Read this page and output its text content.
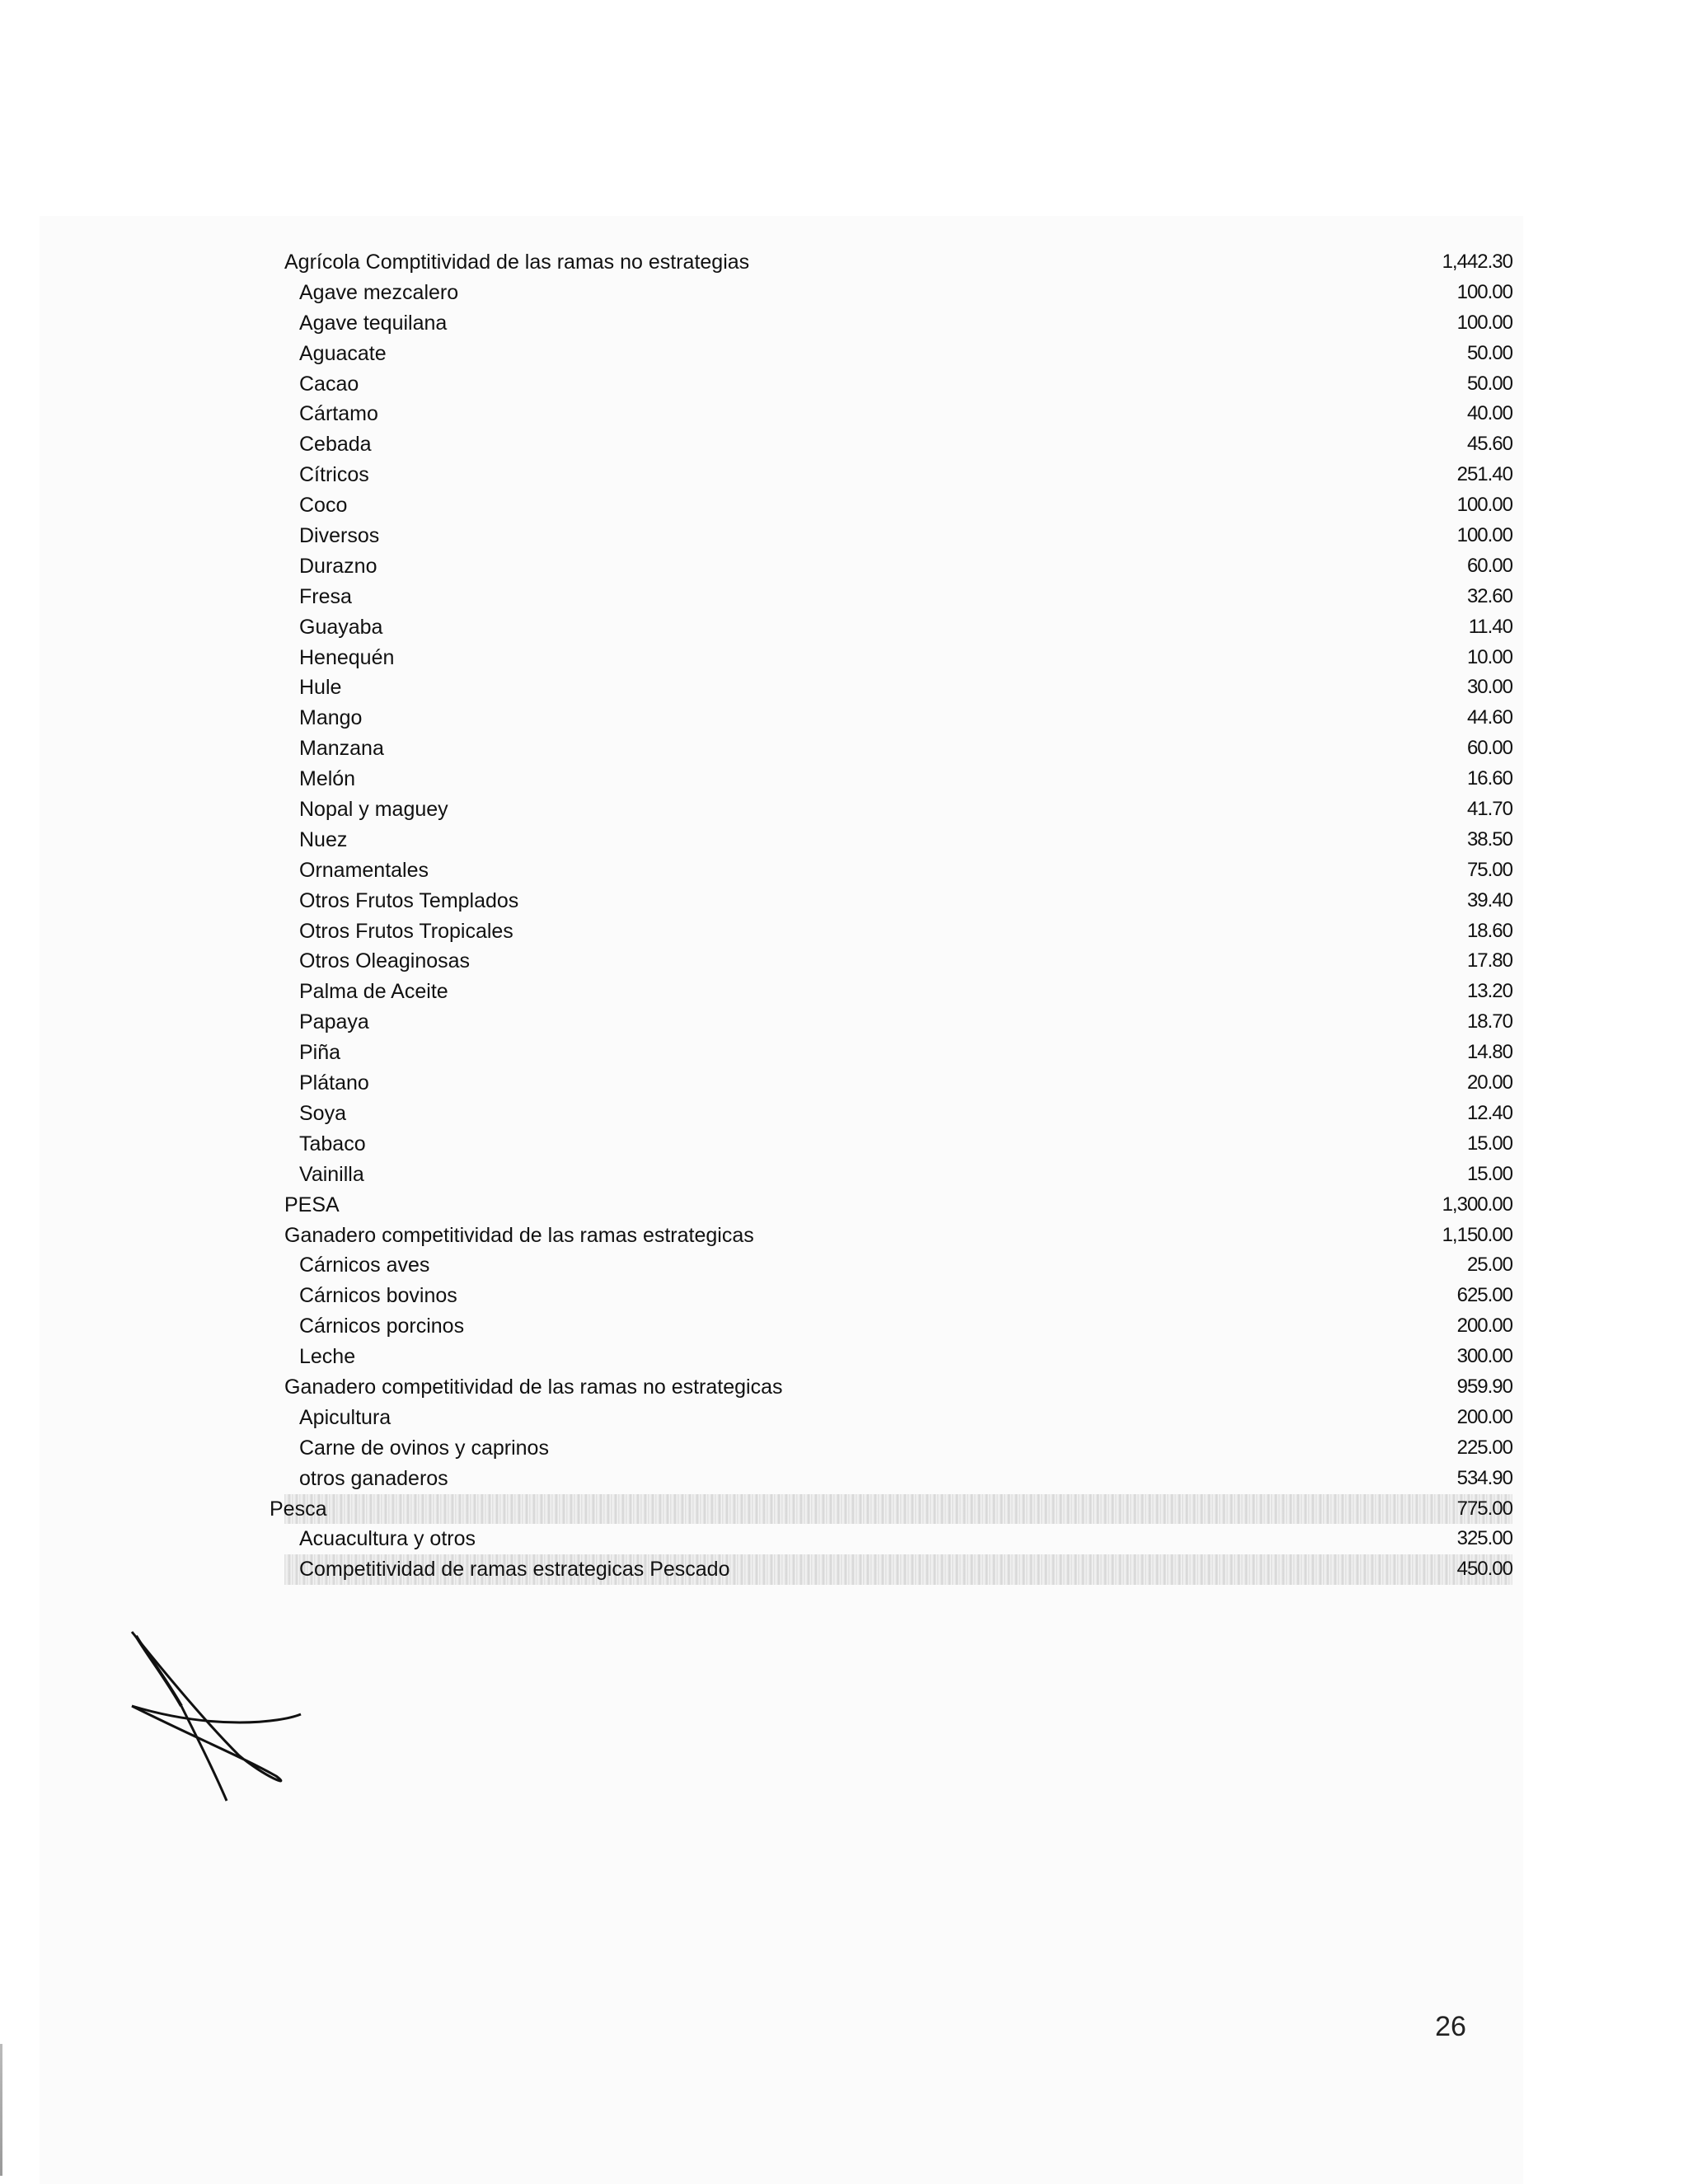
Agrícola Comptitividad de las ramas no estrategias	1,442.30
Agave mezcalero	100.00
Agave tequilana	100.00
Aguacate	50.00
Cacao	50.00
Cártamo	40.00
Cebada	45.60
Cítricos	251.40
Coco	100.00
Diversos	100.00
Durazno	60.00
Fresa	32.60
Guayaba	11.40
Henequén	10.00
Hule	30.00
Mango	44.60
Manzana	60.00
Melón	16.60
Nopal y maguey	41.70
Nuez	38.50
Ornamentales	75.00
Otros Frutos Templados	39.40
Otros Frutos Tropicales	18.60
Otros Oleaginosas	17.80
Palma de Aceite	13.20
Papaya	18.70
Piña	14.80
Plátano	20.00
Soya	12.40
Tabaco	15.00
Vainilla	15.00
PESA	1,300.00
Ganadero competitividad de las ramas estrategicas	1,150.00
Cárnicos aves	25.00
Cárnicos bovinos	625.00
Cárnicos porcinos	200.00
Leche	300.00
Ganadero competitividad de las ramas no estrategicas	959.90
Apicultura	200.00
Carne de ovinos y caprinos	225.00
otros ganaderos	534.90
Pesca	775.00
Acuacultura y otros	325.00
Competitividad de ramas estrategicas Pescado	450.00
26
